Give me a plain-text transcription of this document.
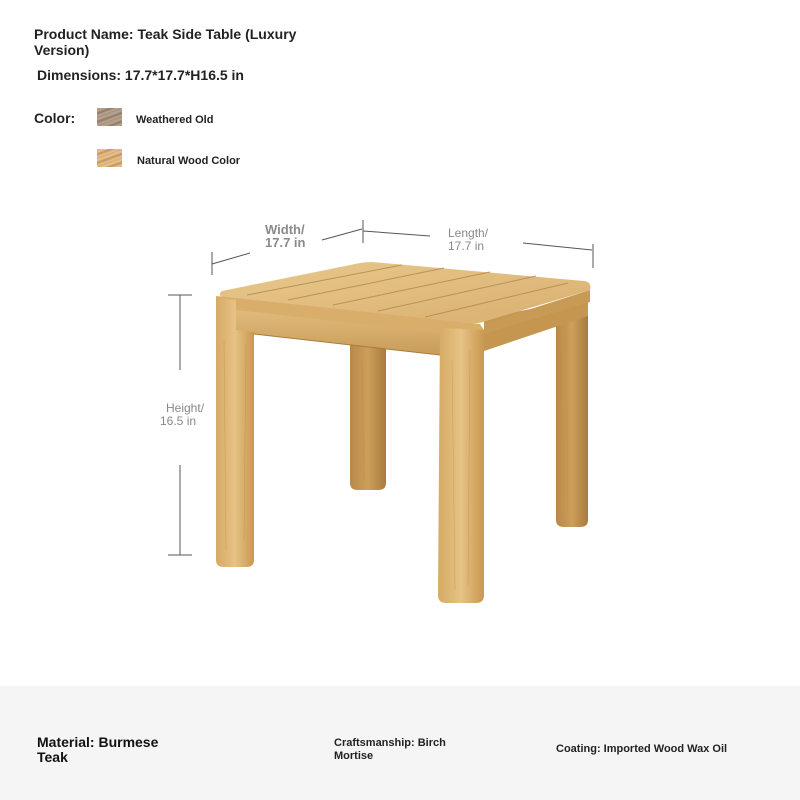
Product Name: Teak Side Table (Luxury Version)
Dimensions: 17.7*17.7*H16.5 in
Color:	Weathered Old
Natural Wood Color
Width/ 17.7 in
Length/ 17.7 in
Height/
16.5 in
Material: Burmese Teak
Craftsmanship: Birch Mortise
Coating: Imported Wood Wax Oil
